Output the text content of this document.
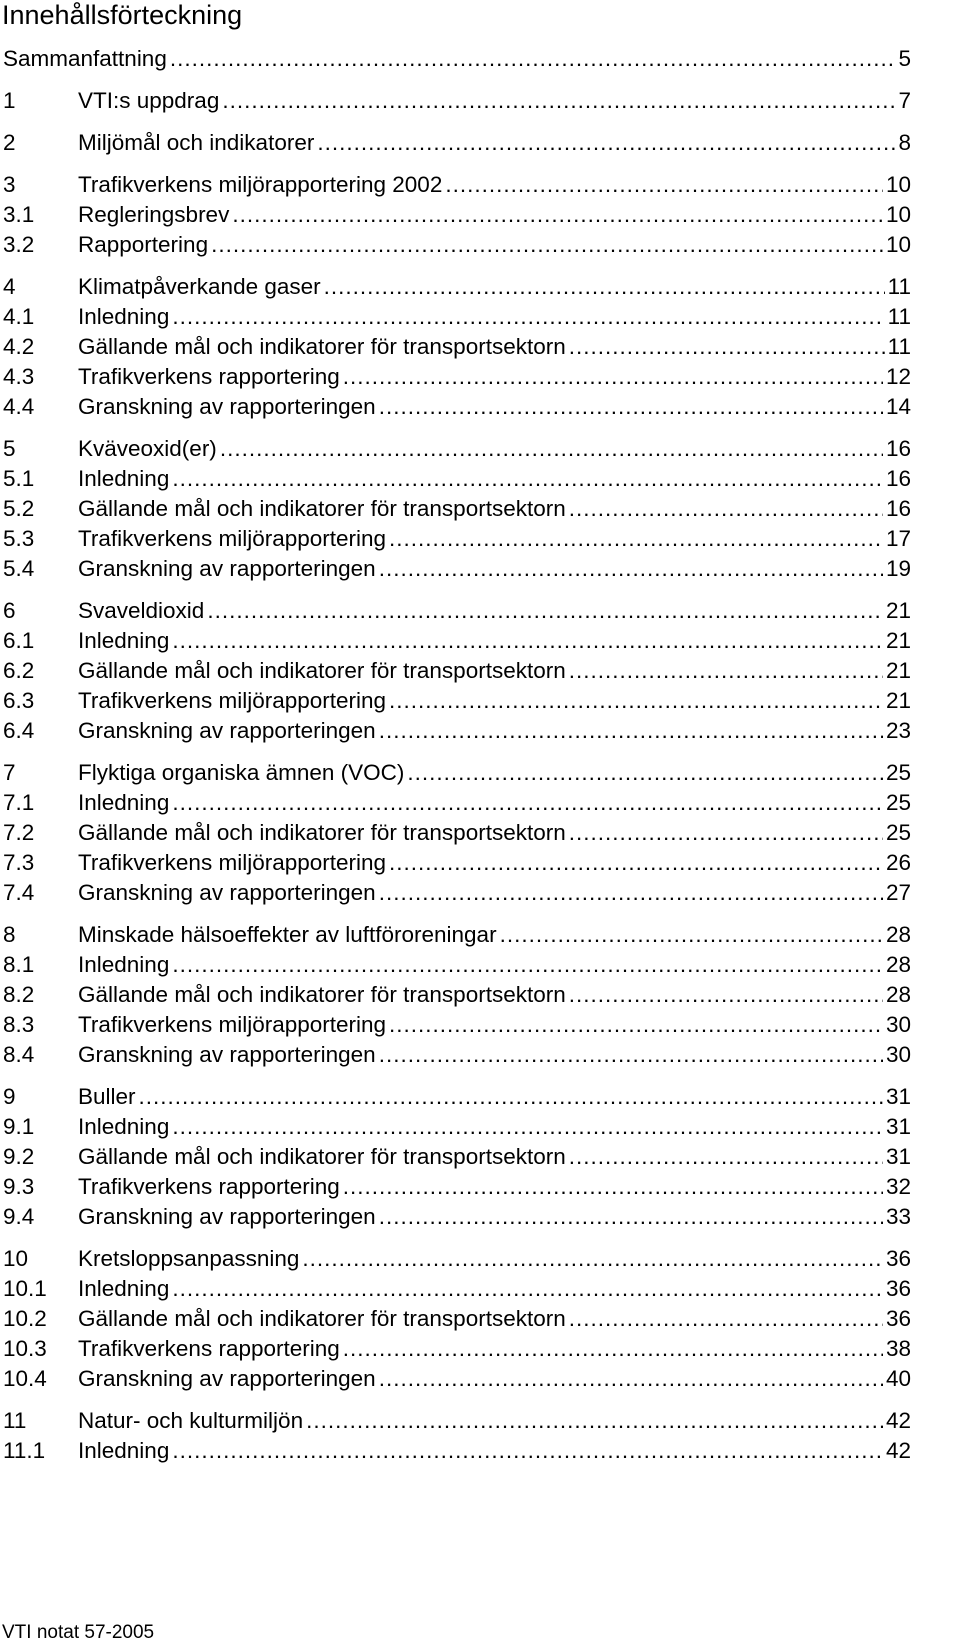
Innehållsförteckning
Sammanfattning .....	5
1	VTI:s uppdrag .....	7
2	Miljömål och indikatorer .....	8
3	Trafikverkens miljörapportering 2002 .....	10
3.1	Regleringsbrev .....	10
3.2	Rapportering .....	10
4	Klimatpåverkande gaser .....	11
4.1	Inledning .....	11
4.2	Gällande mål och indikatorer för transportsektorn .....	11
4.3	Trafikverkens rapportering .....	12
4.4	Granskning av rapporteringen .....	14
5	Kväveoxid(er) .....	16
5.1	Inledning .....	16
5.2	Gällande mål och indikatorer för transportsektorn .....	16
5.3	Trafikverkens miljörapportering .....	17
5.4	Granskning av rapporteringen .....	19
6	Svaveldioxid .....	21
6.1	Inledning .....	21
6.2	Gällande mål och indikatorer för transportsektorn .....	21
6.3	Trafikverkens miljörapportering .....	21
6.4	Granskning av rapporteringen .....	23
7	Flyktiga organiska ämnen (VOC) .....	25
7.1	Inledning .....	25
7.2	Gällande mål och indikatorer för transportsektorn .....	25
7.3	Trafikverkens miljörapportering .....	26
7.4	Granskning av rapporteringen .....	27
8	Minskade hälsoeffekter av luftföroreningar .....	28
8.1	Inledning .....	28
8.2	Gällande mål och indikatorer för transportsektorn .....	28
8.3	Trafikverkens miljörapportering .....	30
8.4	Granskning av rapporteringen .....	30
9	Buller .....	31
9.1	Inledning .....	31
9.2	Gällande mål och indikatorer för transportsektorn .....	31
9.3	Trafikverkens rapportering .....	32
9.4	Granskning av rapporteringen .....	33
10	Kretsloppsanpassning .....	36
10.1	Inledning .....	36
10.2	Gällande mål och indikatorer för transportsektorn .....	36
10.3	Trafikverkens rapportering .....	38
10.4	Granskning av rapporteringen .....	40
11	Natur- och kulturmiljön .....	42
11.1	Inledning .....	42
VTI notat 57-2005
